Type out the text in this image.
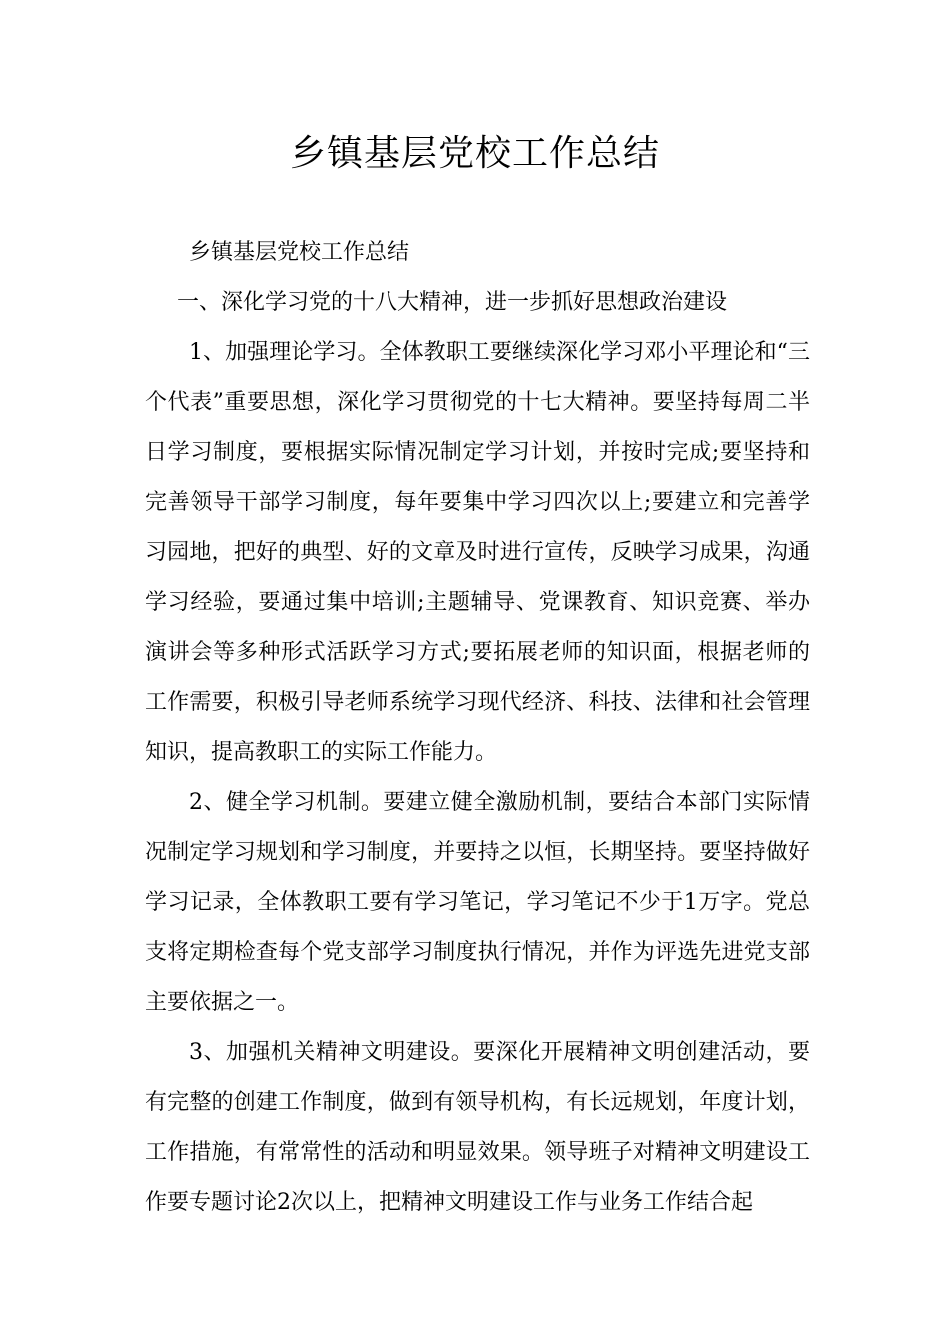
乡镇基层党校工作总结

乡镇基层党校工作总结

一、深化学习党的十八大精神，进一步抓好思想政治建设

1、加强理论学习。全体教职工要继续深化学习邓小平理论和“三个代表”重要思想，深化学习贯彻党的十七大精神。要坚持每周二半日学习制度，要根据实际情况制定学习计划，并按时完成;要坚持和完善领导干部学习制度，每年要集中学习四次以上;要建立和完善学习园地，把好的典型、好的文章及时进行宣传，反映学习成果，沟通学习经验，要通过集中培训;主题辅导、党课教育、知识竞赛、举办演讲会等多种形式活跃学习方式;要拓展老师的知识面，根据老师的工作需要，积极引导老师系统学习现代经济、科技、法律和社会管理知识，提高教职工的实际工作能力。

2、健全学习机制。要建立健全激励机制，要结合本部门实际情况制定学习规划和学习制度，并要持之以恒，长期坚持。要坚持做好学习记录，全体教职工要有学习笔记，学习笔记不少于1万字。党总支将定期检查每个党支部学习制度执行情况，并作为评选先进党支部主要依据之一。

3、加强机关精神文明建设。要深化开展精神文明创建活动，要有完整的创建工作制度，做到有领导机构，有长远规划，年度计划，工作措施，有常常性的活动和明显效果。领导班子对精神文明建设工作要专题讨论2次以上，把精神文明建设工作与业务工作结合起
